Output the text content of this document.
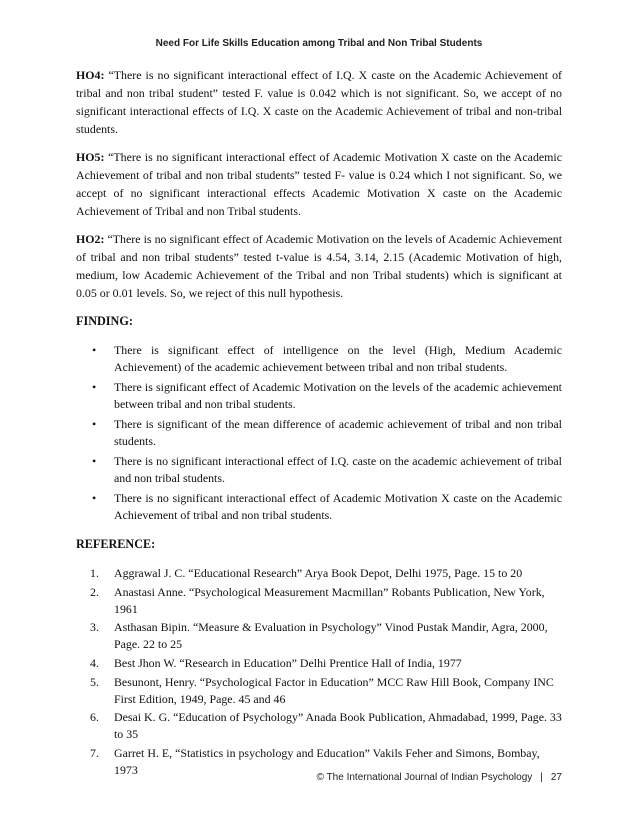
Need For Life Skills Education among Tribal and Non Tribal Students

HO4: “There is no significant interactional effect of I.Q. X caste on the Academic Achievement of tribal and non tribal student” tested F. value is 0.042 which is not significant. So, we accept of no significant interactional effects of I.Q. X caste on the Academic Achievement of tribal and non-tribal students.

HO5: “There is no significant interactional effect of Academic Motivation X caste on the Academic Achievement of tribal and non tribal students” tested F- value is 0.24 which I not significant. So, we accept of no significant interactional effects Academic Motivation X caste on the Academic Achievement of Tribal and non Tribal students.

HO2: “There is no significant effect of Academic Motivation on the levels of Academic Achievement of tribal and non tribal students” tested t-value is 4.54, 3.14, 2.15 (Academic Motivation of high, medium, low Academic Achievement of the Tribal and non Tribal students) which is significant at 0.05 or 0.01 levels. So, we reject of this null hypothesis.

FINDING:
• There is significant effect of intelligence on the level (High, Medium Academic Achievement) of the academic achievement between tribal and non tribal students.
• There is significant effect of Academic Motivation on the levels of the academic achievement between tribal and non tribal students.
• There is significant of the mean difference of academic achievement of tribal and non tribal students.
• There is no significant interactional effect of I.Q. caste on the academic achievement of tribal and non tribal students.
• There is no significant interactional effect of Academic Motivation X caste on the Academic Achievement of tribal and non tribal students.
REFERENCE:
1. Aggrawal J. C. “Educational Research” Arya Book Depot, Delhi 1975, Page. 15 to 20
2. Anastasi Anne. “Psychological Measurement Macmillan” Robants Publication, New York, 1961
3. Asthasan Bipin. “Measure & Evaluation in Psychology” Vinod Pustak Mandir, Agra, 2000, Page. 22 to 25
4. Best Jhon W. “Research in Education” Delhi Prentice Hall of India, 1977
5. Besunont, Henry. “Psychological Factor in Education” MCC Raw Hill Book, Company INC First Edition, 1949, Page. 45 and 46
6. Desai K. G. “Education of Psychology” Anada Book Publication, Ahmadabad, 1999, Page. 33 to 35
7. Garret H. E, “Statistics in psychology and Education” Vakils Feher and Simons, Bombay, 1973
© The International Journal of Indian Psychology | 27
